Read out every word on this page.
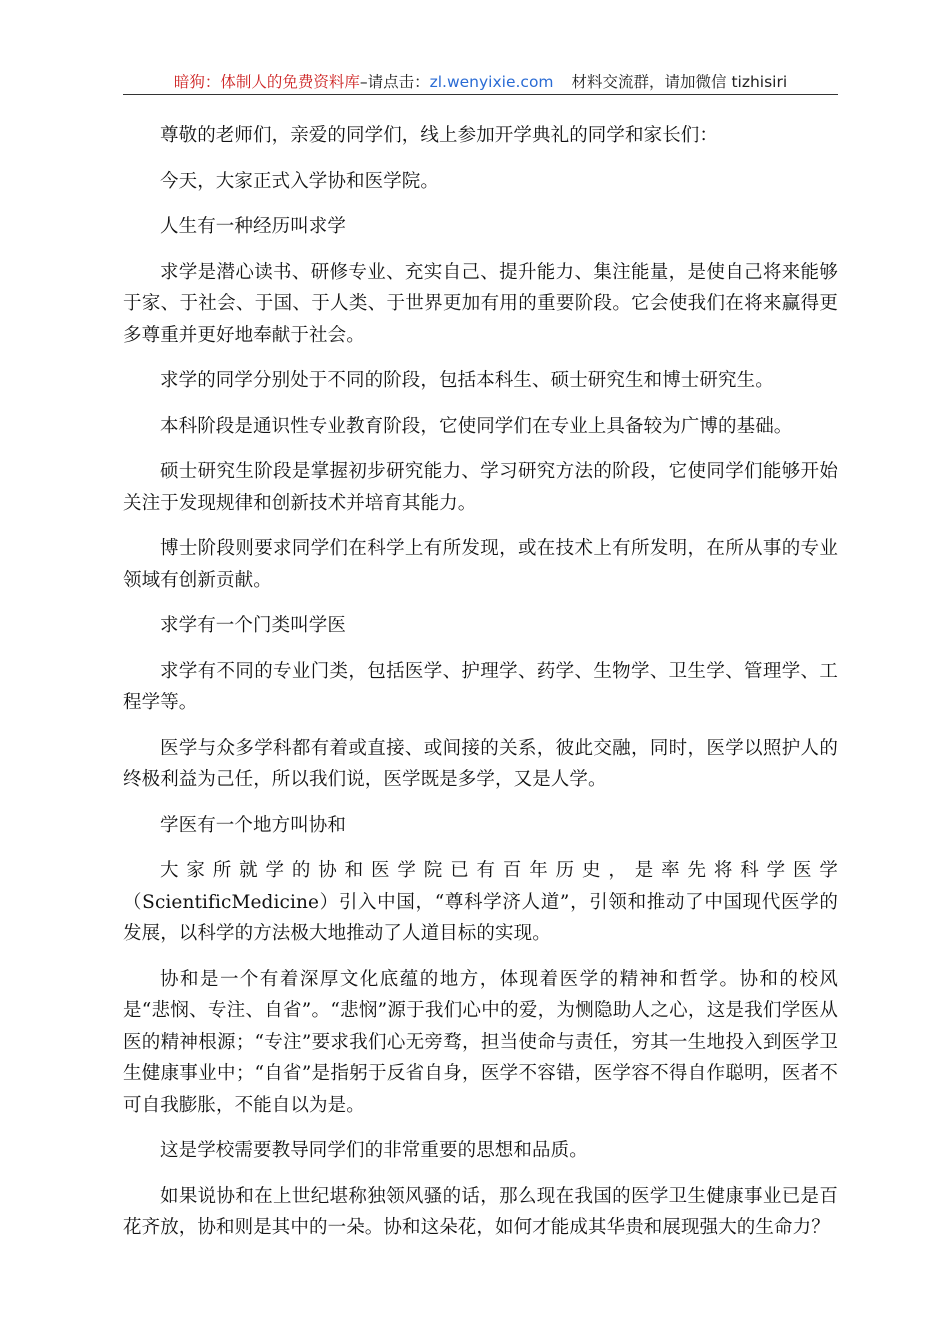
暗狗：体制人的免费资料库–请点击：zl.wenyixie.com 材料交流群，请加微信 tizhisiri

尊敬的老师们，亲爱的同学们，线上参加开学典礼的同学和家长们：

今天，大家正式入学协和医学院。

人生有一种经历叫求学

求学是潜心读书、研修专业、充实自己、提升能力、集注能量，是使自己将来能够于家、于社会、于国、于人类、于世界更加有用的重要阶段。它会使我们在将来赢得更多尊重并更好地奉献于社会。

求学的同学分别处于不同的阶段，包括本科生、硕士研究生和博士研究生。

本科阶段是通识性专业教育阶段，它使同学们在专业上具备较为广博的基础。

硕士研究生阶段是掌握初步研究能力、学习研究方法的阶段，它使同学们能够开始关注于发现规律和创新技术并培育其能力。

博士阶段则要求同学们在科学上有所发现，或在技术上有所发明，在所从事的专业领域有创新贡献。

求学有一个门类叫学医

求学有不同的专业门类，包括医学、护理学、药学、生物学、卫生学、管理学、工程学等。

医学与众多学科都有着或直接、或间接的关系，彼此交融，同时，医学以照护人的终极利益为己任，所以我们说，医学既是多学，又是人学。

学医有一个地方叫协和

大家所就学的协和医学院已有百年历史，是率先将科学医学（ScientificMedicine）引入中国，“尊科学济人道”，引领和推动了中国现代医学的发展，以科学的方法极大地推动了人道目标的实现。

协和是一个有着深厚文化底蕴的地方，体现着医学的精神和哲学。协和的校风是“悲悯、专注、自省”。“悲悯”源于我们心中的爱，为恻隐助人之心，这是我们学医从医的精神根源；“专注”要求我们心无旁骛，担当使命与责任，穷其一生地投入到医学卫生健康事业中；“自省”是指躬于反省自身，医学不容错，医学容不得自作聪明，医者不可自我膨胀，不能自以为是。

这是学校需要教导同学们的非常重要的思想和品质。

如果说协和在上世纪堪称独领风骚的话，那么现在我国的医学卫生健康事业已是百花齐放，协和则是其中的一朵。协和这朵花，如何才能成其华贵和展现强大的生命力？
